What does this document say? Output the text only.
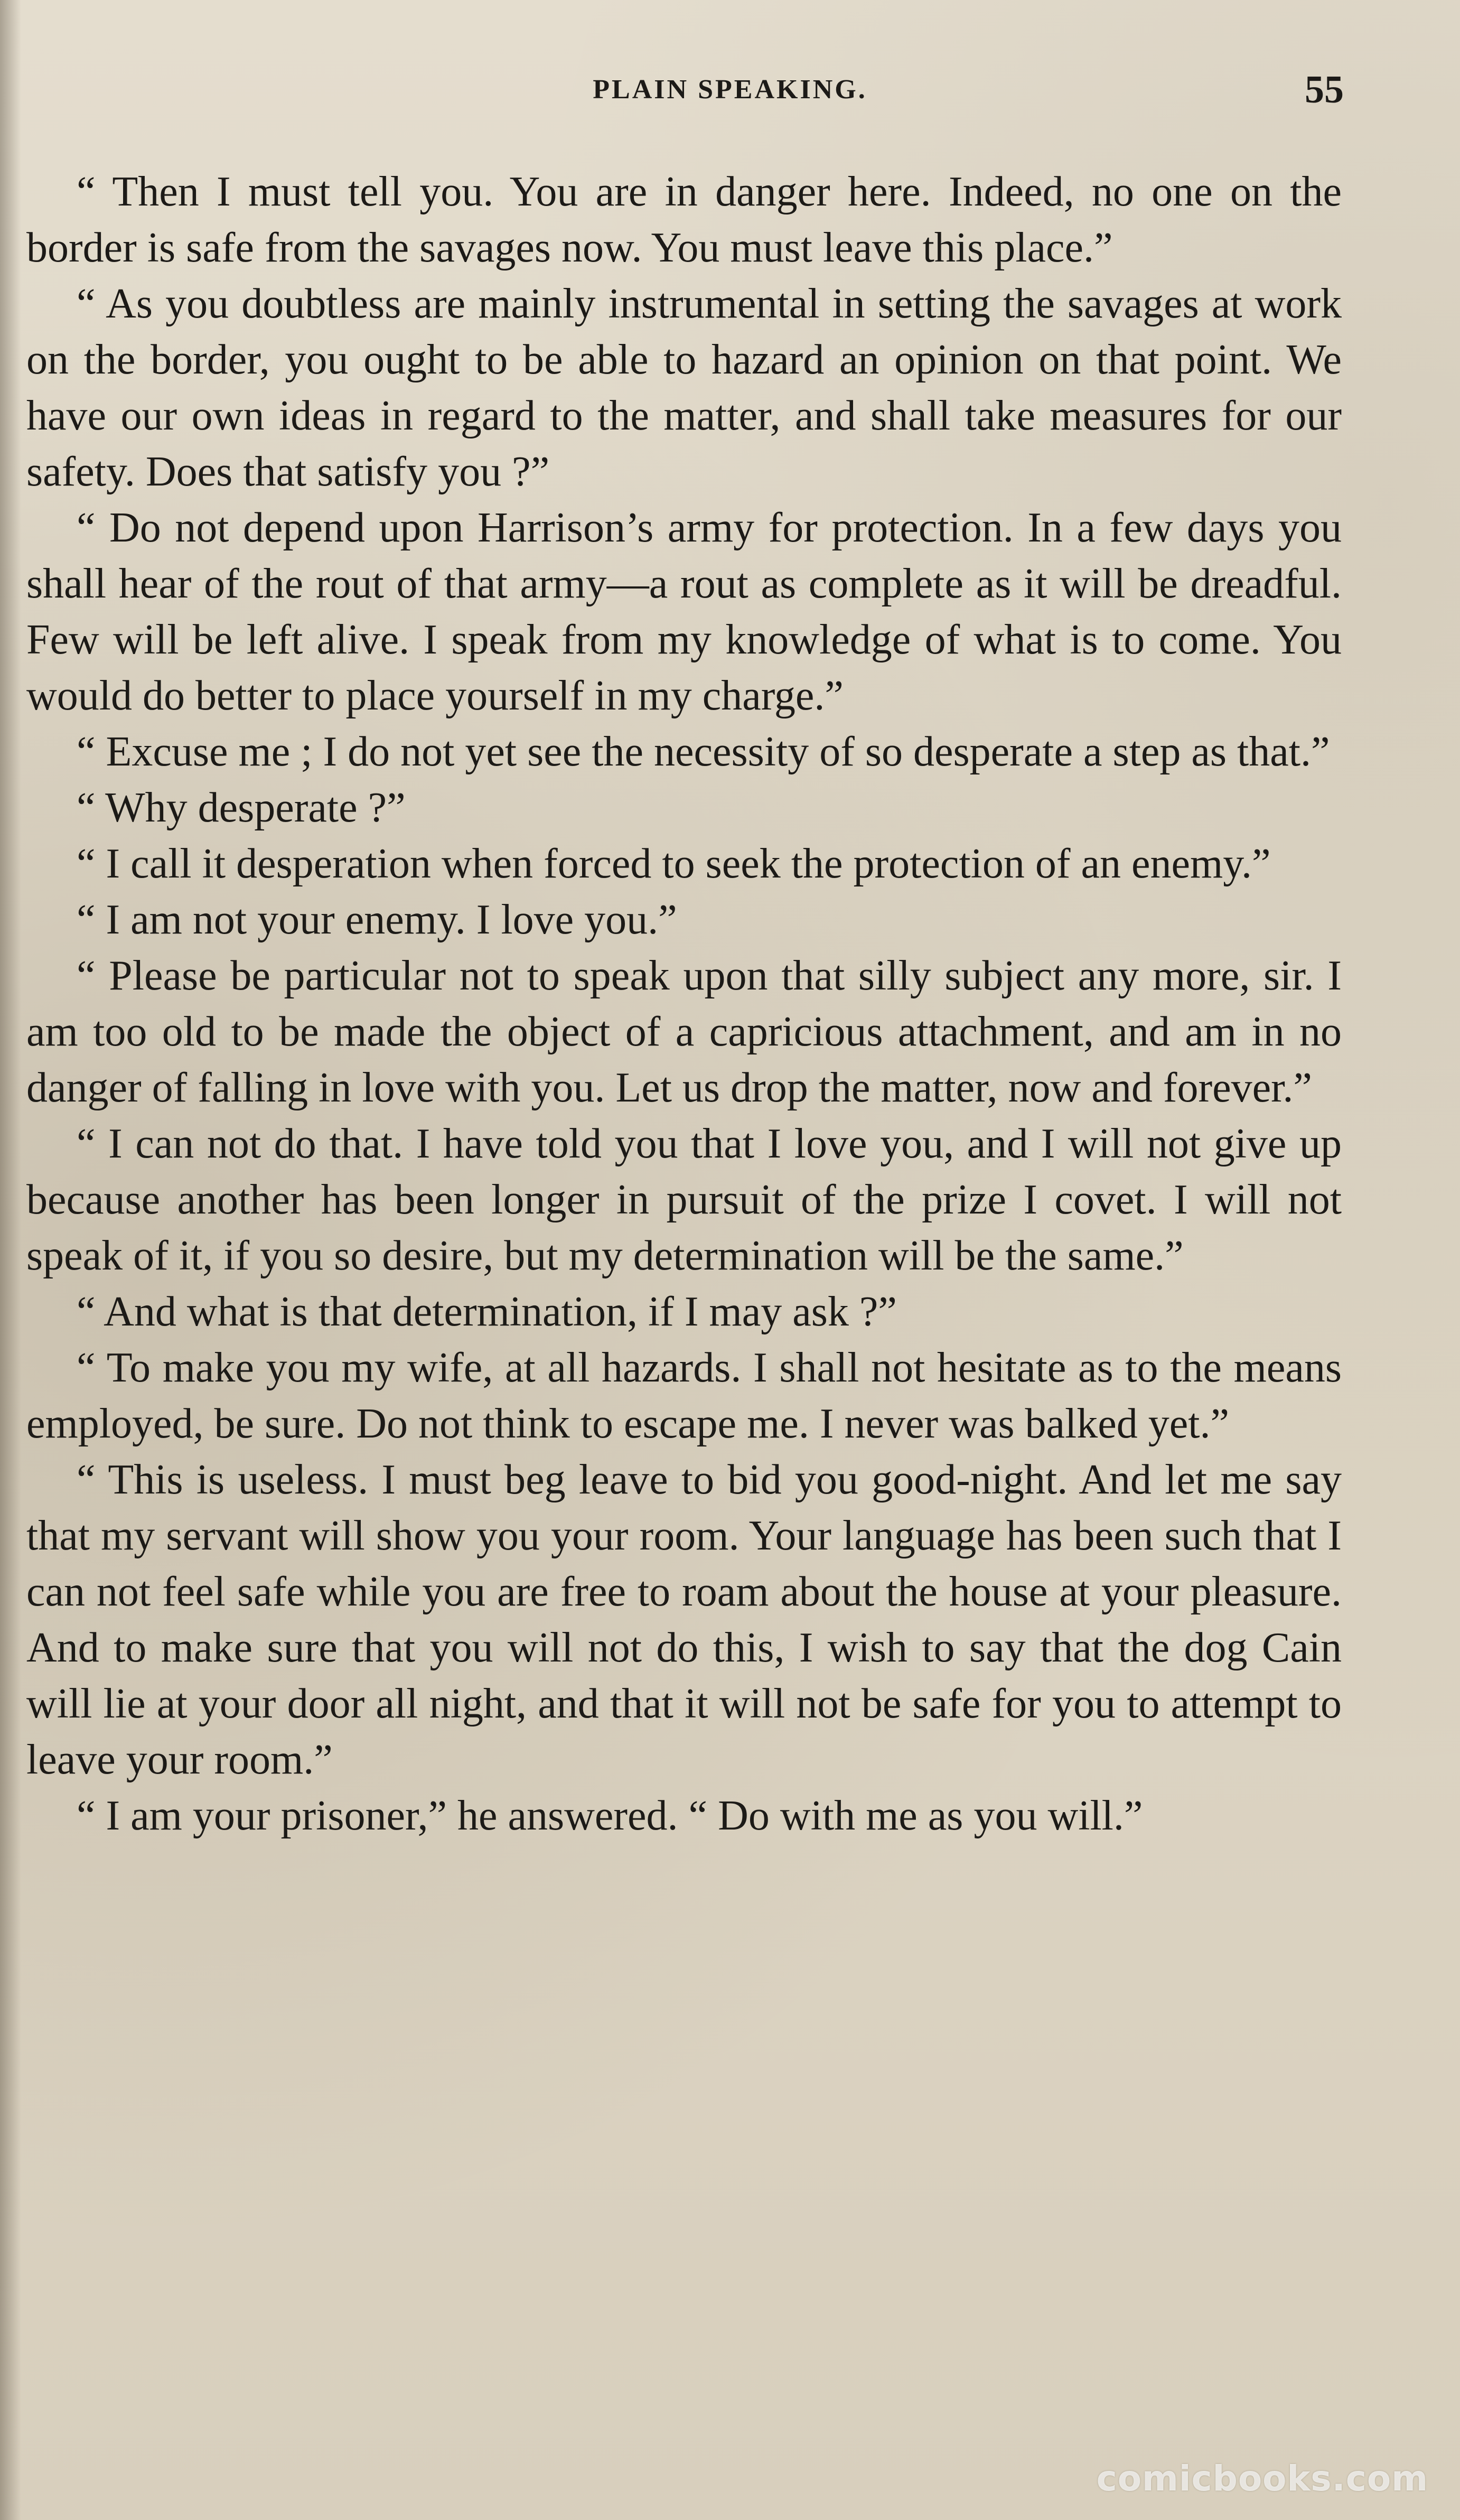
PLAIN SPEAKING.	55

“ Then I must tell you. You are in danger here. Indeed, no one on the border is safe from the savages now. You must leave this place.”

“ As you doubtless are mainly instrumental in setting the savages at work on the border, you ought to be able to hazard an opinion on that point. We have our own ideas in regard to the matter, and shall take measures for our safety. Does that satisfy you ?”

“ Do not depend upon Harrison’s army for protection. In a few days you shall hear of the rout of that army—a rout as complete as it will be dreadful. Few will be left alive. I speak from my knowledge of what is to come. You would do better to place yourself in my charge.”

“ Excuse me ; I do not yet see the necessity of so desperate a step as that.”

“ Why desperate ?”

“ I call it desperation when forced to seek the protection of an enemy.”

“ I am not your enemy. I love you.”

“ Please be particular not to speak upon that silly subject any more, sir. I am too old to be made the object of a capricious attachment, and am in no danger of falling in love with you. Let us drop the matter, now and forever.”

“ I can not do that. I have told you that I love you, and I will not give up because another has been longer in pursuit of the prize I covet. I will not speak of it, if you so desire, but my determination will be the same.”

“ And what is that determination, if I may ask ?”

“ To make you my wife, at all hazards. I shall not hesitate as to the means employed, be sure. Do not think to escape me. I never was balked yet.”

“ This is useless. I must beg leave to bid you good-night. And let me say that my servant will show you your room. Your language has been such that I can not feel safe while you are free to roam about the house at your pleasure. And to make sure that you will not do this, I wish to say that the dog Cain will lie at your door all night, and that it will not be safe for you to attempt to leave your room.”

“ I am your prisoner,” he answered. “ Do with me as you will.”

comicbooks.com
